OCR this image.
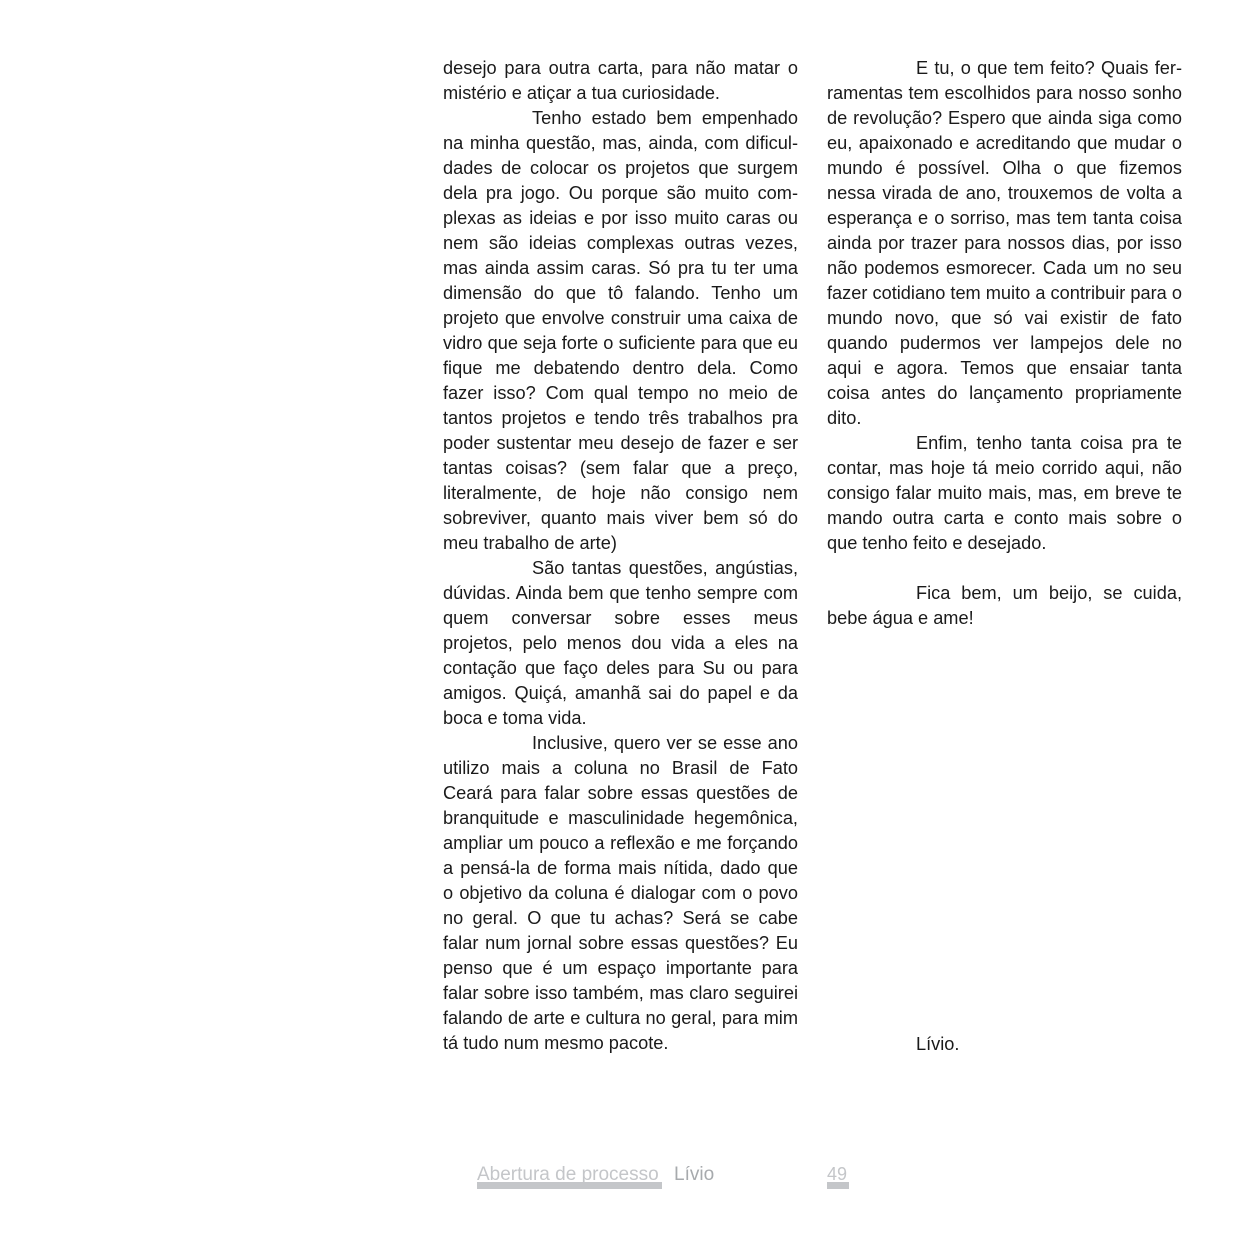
desejo para outra carta, para não matar o mistério e atiçar a tua curiosidade.

Tenho estado bem empenhado na minha questão, mas, ainda, com dificuldades de colocar os projetos que surgem dela pra jogo. Ou porque são muito complexas as ideias e por isso muito caras ou nem são ideias complexas outras vezes, mas ainda assim caras. Só pra tu ter uma dimensão do que tô falando. Tenho um projeto que envolve construir uma caixa de vidro que seja forte o suficiente para que eu fique me debatendo dentro dela. Como fazer isso? Com qual tempo no meio de tantos projetos e tendo três trabalhos pra poder sustentar meu desejo de fazer e ser tantas coisas? (sem falar que a preço, literalmente, de hoje não consigo nem sobreviver, quanto mais viver bem só do meu trabalho de arte)

São tantas questões, angústias, dúvidas. Ainda bem que tenho sempre com quem conversar sobre esses meus projetos, pelo menos dou vida a eles na contação que faço deles para Su ou para amigos. Quiçá, amanhã sai do papel e da boca e toma vida.

Inclusive, quero ver se esse ano utilizo mais a coluna no Brasil de Fato Ceará para falar sobre essas questões de branquitude e masculinidade hegemônica, ampliar um pouco a reflexão e me forçando a pensá-la de forma mais nítida, dado que o objetivo da coluna é dialogar com o povo no geral. O que tu achas? Será se cabe falar num jornal sobre essas questões? Eu penso que é um espaço importante para falar sobre isso também, mas claro seguirei falando de arte e cultura no geral, para mim tá tudo num mesmo pacote.

E tu, o que tem feito? Quais ferramentas tem escolhidos para nosso sonho de revolução? Espero que ainda siga como eu, apaixonado e acreditando que mudar o mundo é possível. Olha o que fizemos nessa virada de ano, trouxemos de volta a esperança e o sorriso, mas tem tanta coisa ainda por trazer para nossos dias, por isso não podemos esmorecer. Cada um no seu fazer cotidiano tem muito a contribuir para o mundo novo, que só vai existir de fato quando pudermos ver lampejos dele no aqui e agora. Temos que ensaiar tanta coisa antes do lançamento propriamente dito.

Enfim, tenho tanta coisa pra te contar, mas hoje tá meio corrido aqui, não consigo falar muito mais, mas, em breve te mando outra carta e conto mais sobre o que tenho feito e desejado.

Fica bem, um beijo, se cuida, bebe água e ame!

Lívio.
Abertura de processo Lívio	49
